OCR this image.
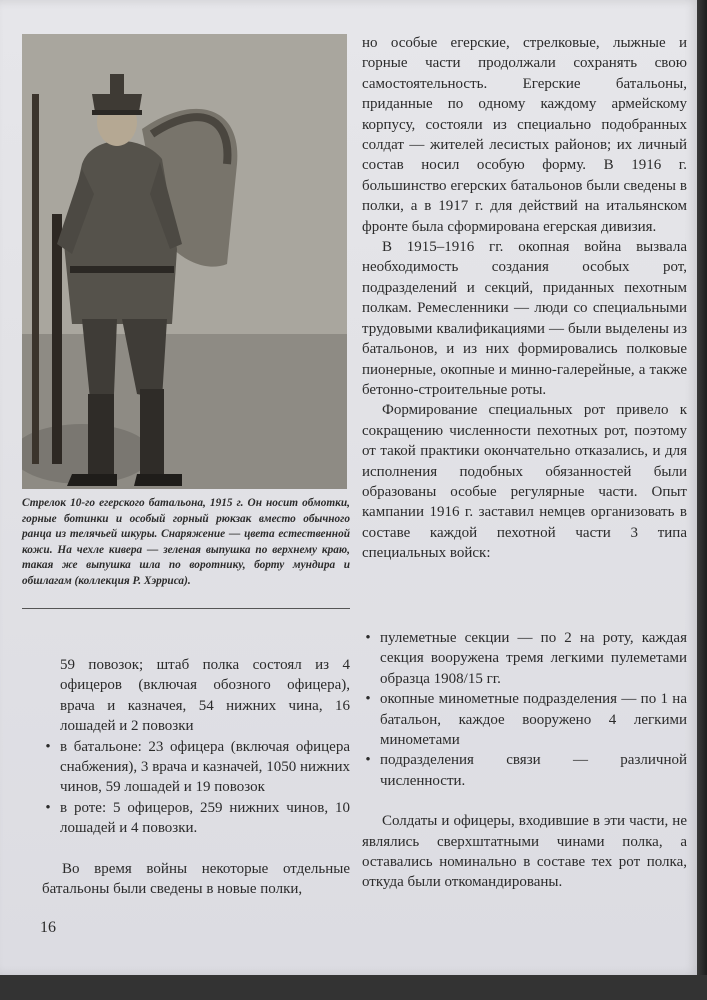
Стрелок 10-го егерского батальона, 1915 г. Он носит обмотки, горные ботинки и особый горный рюкзак вместо обычного ранца из телячьей шкуры. Снаряжение — цвета естественной кожи. На чехле кивера — зеленая выпушка по верхнему краю, такая же выпушка шла по воротнику, борту мундира и обшлагам (коллекция Р. Хэрриса).

но особые егерские, стрелковые, лыжные и горные части продолжали сохранять свою самостоятельность. Егерские батальоны, приданные по одному каждому армейскому корпусу, состояли из специально подобранных солдат — жителей лесистых районов; их личный состав носил особую форму. В 1916 г. большинство егерских батальонов были сведены в полки, а в 1917 г. для действий на итальянском фронте была сформирована егерская дивизия.

В 1915–1916 гг. окопная война вызвала необходимость создания особых рот, подразделений и секций, приданных пехотным полкам. Ремесленники — люди со специальными трудовыми квалификациями — были выделены из батальонов, и из них формировались полковые пионерные, окопные и минно-галерейные, а также бетонно-строительные роты.

Формирование специальных рот привело к сокращению численности пехотных рот, поэтому от такой практики окончательно отказались, и для исполнения подобных обязанностей были образованы особые регулярные части. Опыт кампании 1916 г. заставил немцев организовать в составе каждой пехотной части 3 типа специальных войск:

• пулеметные секции — по 2 на роту, каждая секция вооружена тремя легкими пулеметами образца 1908/15 гг.
• окопные минометные подразделения — по 1 на батальон, каждое вооружено 4 легкими минометами
• подразделения связи — различной численности.

Солдаты и офицеры, входившие в эти части, не являлись сверхштатными чинами полка, а оставались номинально в составе тех рот полка, откуда были откомандированы.

59 повозок; штаб полка состоял из 4 офицеров (включая обозного офицера), врача и казначея, 54 нижних чина, 16 лошадей и 2 повозки

• в батальоне: 23 офицера (включая офицера снабжения), 3 врача и казначей, 1050 нижних чинов, 59 лошадей и 19 повозок
• в роте: 5 офицеров, 259 нижних чинов, 10 лошадей и 4 повозки.

Во время войны некоторые отдельные батальоны были сведены в новые полки,

16
